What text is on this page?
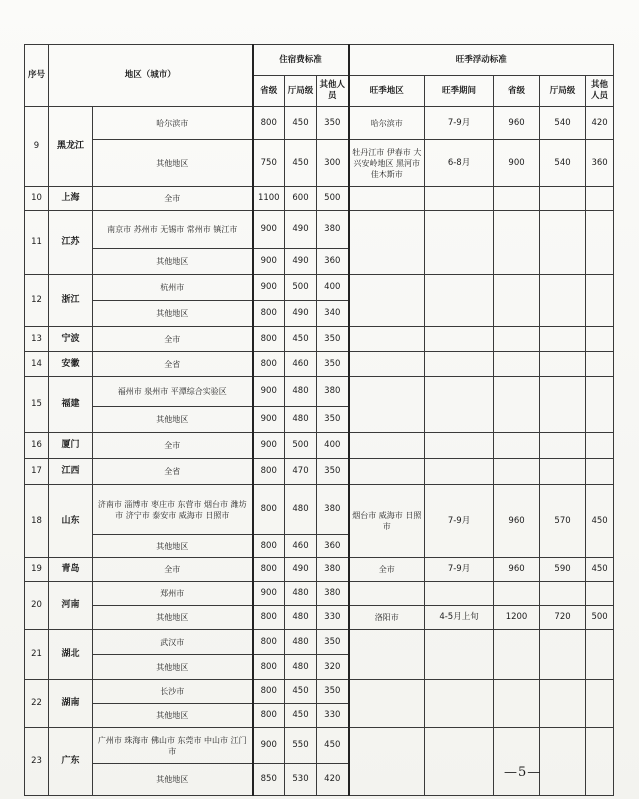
序号	地区（城市）		住宿费标准			旺季浮动标准				
			省级	厅局级	其他人员	旺季地区	旺季期间	省级	厅局级	其他人员
9	黑龙江	哈尔滨市	800	450	350	哈尔滨市	7-9月	960	540	420
		其他地区	750	450	300	牡丹江市 伊春市 大兴安岭地区 黑河市 佳木斯市	6-8月	900	540	360
10	上海	全市	1100	600	500					
11	江苏	南京市 苏州市 无锡市 常州市 镇江市	900	490	380					
		其他地区	900	490	360					
12	浙江	杭州市	900	500	400					
		其他地区	800	490	340					
13	宁波	全市	800	450	350					
14	安徽	全省	800	460	350					
15	福建	福州市 泉州市 平潭综合实验区	900	480	380					
		其他地区	900	480	350					
16	厦门	全市	900	500	400					
17	江西	全省	800	470	350					
18	山东	济南市 淄博市 枣庄市 东营市 烟台市 潍坊市 济宁市 泰安市 威海市 日照市	800	480	380	烟台市 威海市 日照市	7-9月	960	570	450
		其他地区	800	460	360					
19	青岛	全市	800	490	380	全市	7-9月	960	590	450
20	河南	郑州市	900	480	380					
		其他地区	800	480	330	洛阳市	4-5月上旬	1200	720	500
21	湖北	武汉市	800	480	350					
		其他地区	800	480	320					
22	湖南	长沙市	800	450	350					
		其他地区	800	450	330					
23	广东	广州市 珠海市 佛山市 东莞市 中山市 江门市	900	550	450					
		其他地区	850	530	420						—5—
